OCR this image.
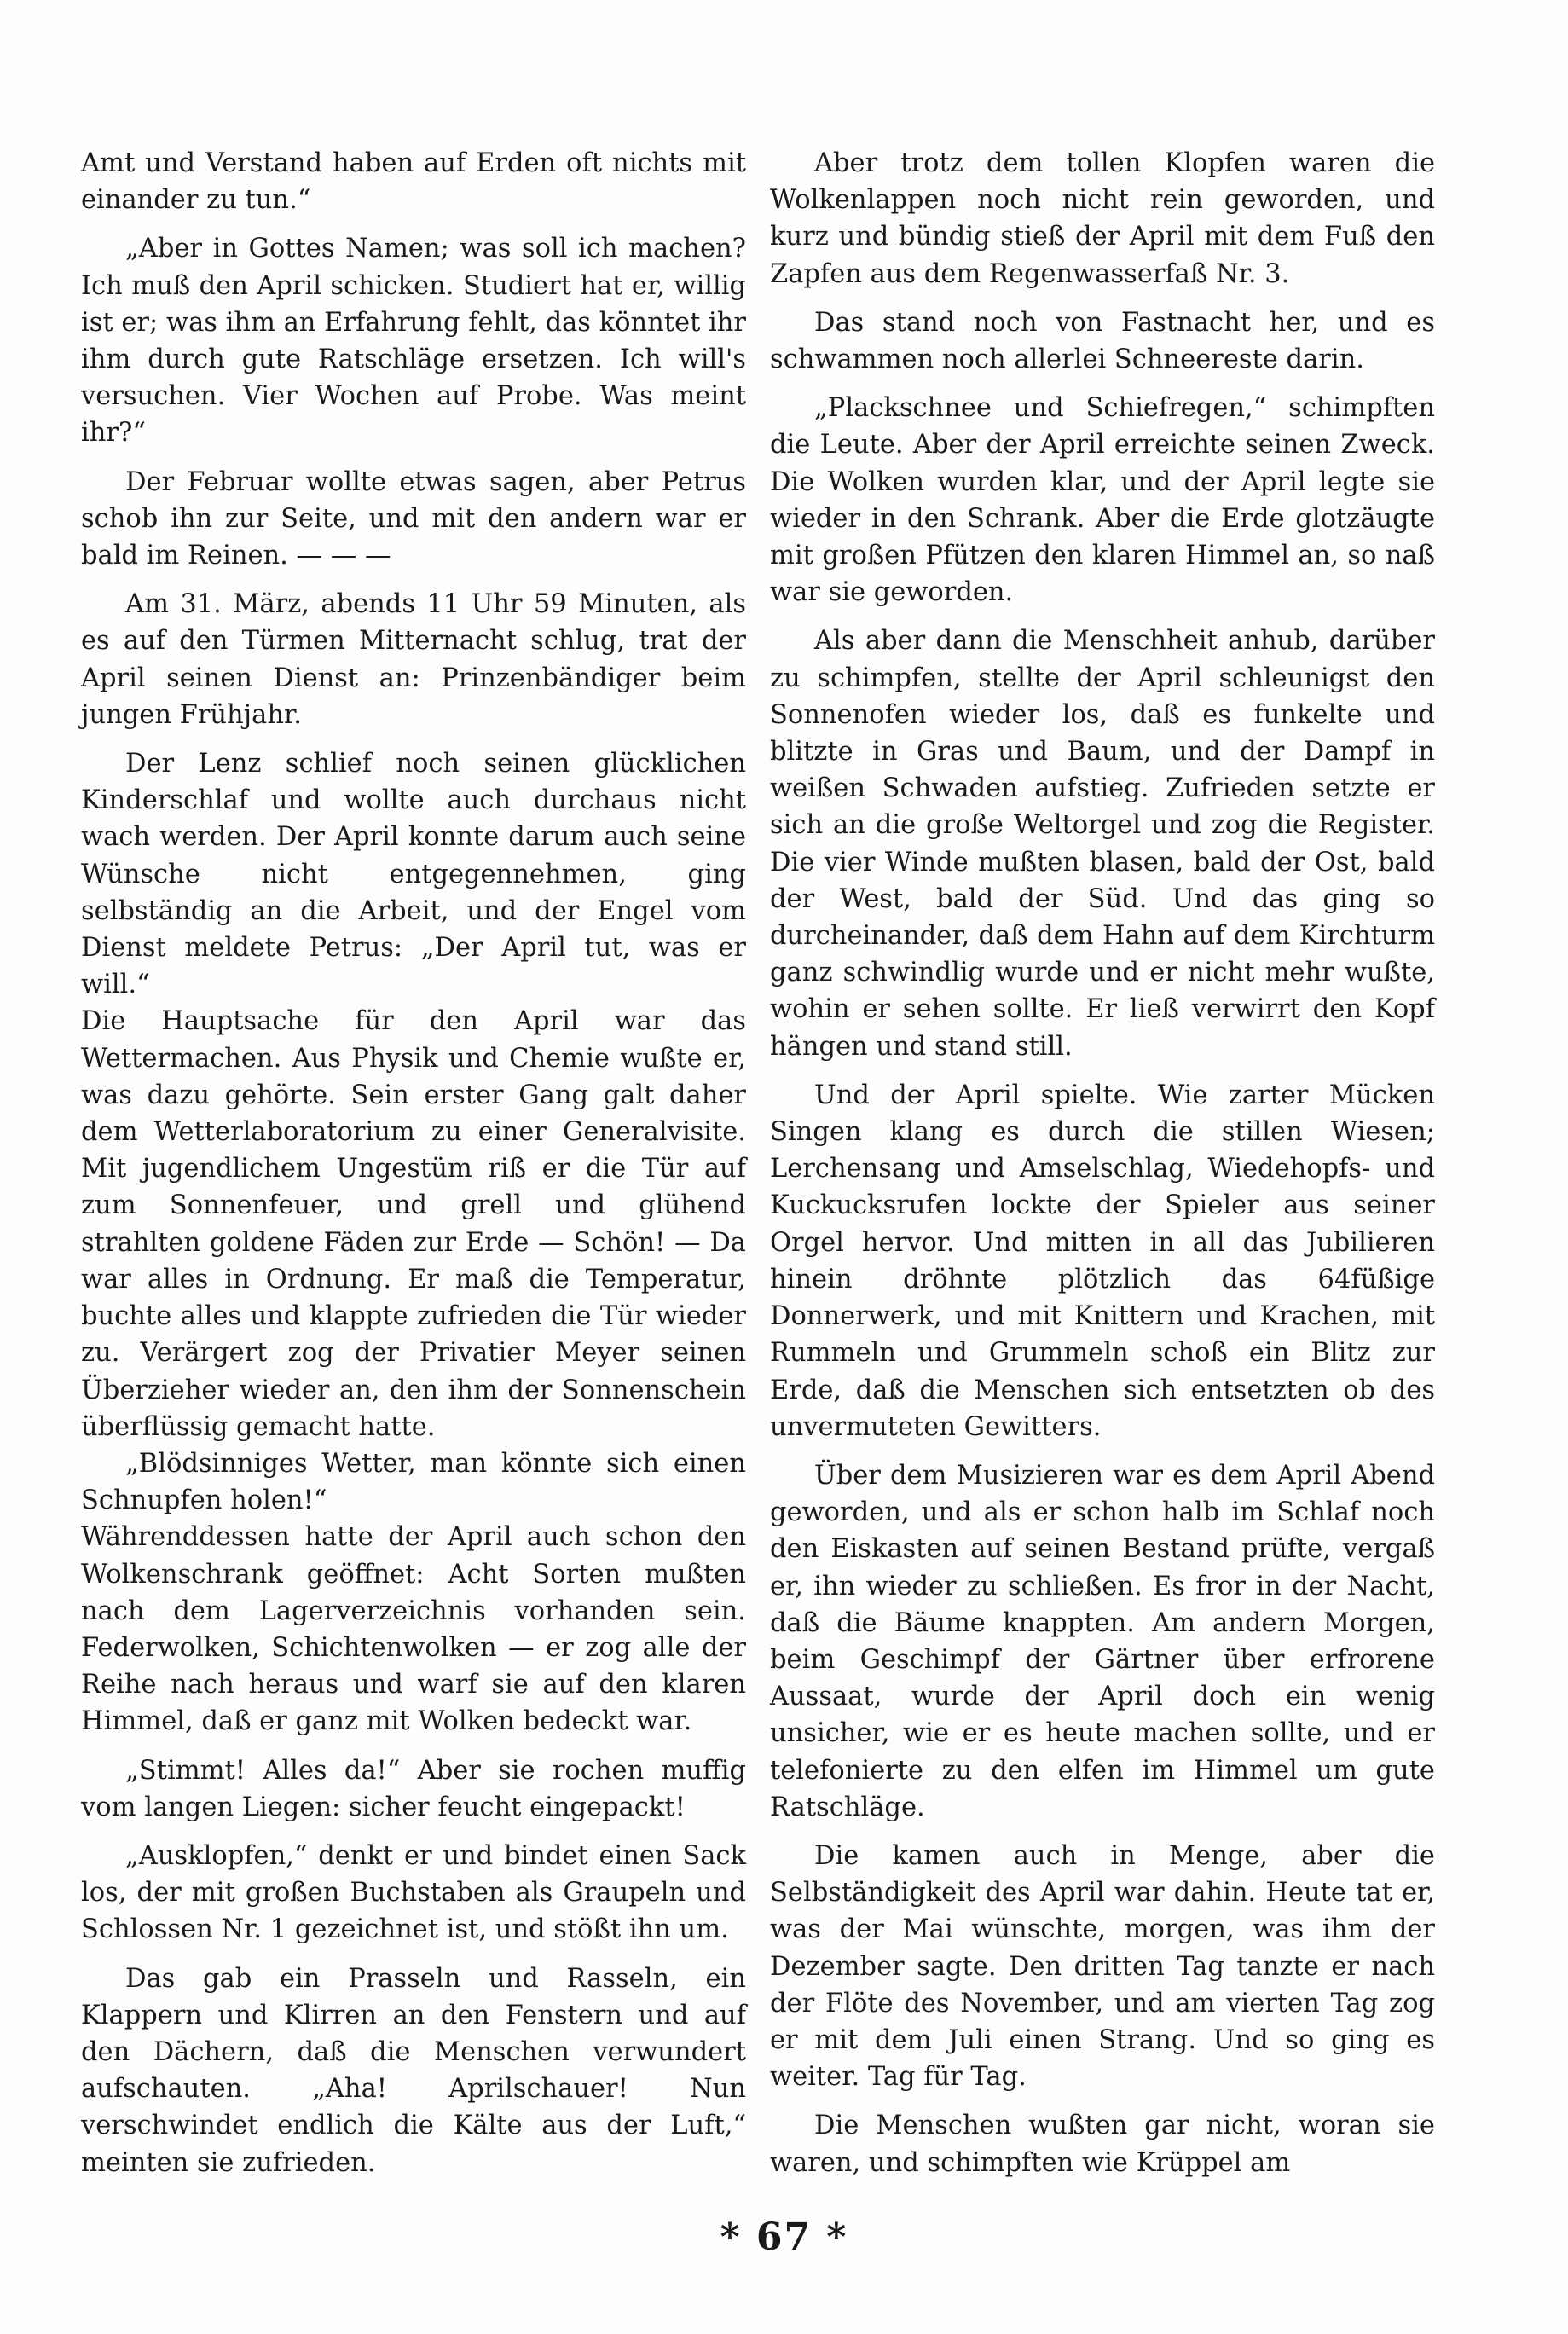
Amt und Verstand haben auf Erden oft nichts mit einander zu tun.“

„Aber in Gottes Namen; was soll ich machen? Ich muß den April schicken. Studiert hat er, willig ist er; was ihm an Erfahrung fehlt, das könntet ihr ihm durch gute Ratschläge ersetzen. Ich will's versuchen. Vier Wochen auf Probe. Was meint ihr?“

Der Februar wollte etwas sagen, aber Petrus schob ihn zur Seite, und mit den andern war er bald im Reinen. — — —

Am 31. März, abends 11 Uhr 59 Minuten, als es auf den Türmen Mitternacht schlug, trat der April seinen Dienst an: Prinzenbändiger beim jungen Frühjahr.

Der Lenz schlief noch seinen glücklichen Kinderschlaf und wollte auch durchaus nicht wach werden. Der April konnte darum auch seine Wünsche nicht entgegennehmen, ging selbständig an die Arbeit, und der Engel vom Dienst meldete Petrus: „Der April tut, was er will.“

Die Hauptsache für den April war das Wettermachen. Aus Physik und Chemie wußte er, was dazu gehörte. Sein erster Gang galt daher dem Wetterlaboratorium zu einer Generalvisite. Mit jugendlichem Ungestüm riß er die Tür auf zum Sonnenfeuer, und grell und glühend strahlten goldene Fäden zur Erde — Schön! — Da war alles in Ordnung. Er maß die Temperatur, buchte alles und klappte zufrieden die Tür wieder zu. Verärgert zog der Privatier Meyer seinen Überzieher wieder an, den ihm der Sonnenschein überflüssig gemacht hatte.

„Blödsinniges Wetter, man könnte sich einen Schnupfen holen!“

Währenddessen hatte der April auch schon den Wolkenschrank geöffnet: Acht Sorten mußten nach dem Lagerverzeichnis vorhanden sein. Federwolken, Schichtenwolken — er zog alle der Reihe nach heraus und warf sie auf den klaren Himmel, daß er ganz mit Wolken bedeckt war.

„Stimmt! Alles da!“ Aber sie rochen muffig vom langen Liegen: sicher feucht eingepackt!

„Ausklopfen,“ denkt er und bindet einen Sack los, der mit großen Buchstaben als Graupeln und Schlossen Nr. 1 gezeichnet ist, und stößt ihn um.

Das gab ein Prasseln und Rasseln, ein Klappern und Klirren an den Fenstern und auf den Dächern, daß die Menschen verwundert aufschauten. „Aha! Aprilschauer! Nun verschwindet endlich die Kälte aus der Luft,“ meinten sie zufrieden.

Aber trotz dem tollen Klopfen waren die Wolkenlappen noch nicht rein geworden, und kurz und bündig stieß der April mit dem Fuß den Zapfen aus dem Regenwasserfaß Nr. 3.

Das stand noch von Fastnacht her, und es schwammen noch allerlei Schneereste darin.

„Plackschnee und Schiefregen,“ schimpften die Leute. Aber der April erreichte seinen Zweck. Die Wolken wurden klar, und der April legte sie wieder in den Schrank. Aber die Erde glotzäugte mit großen Pfützen den klaren Himmel an, so naß war sie geworden.

Als aber dann die Menschheit anhub, darüber zu schimpfen, stellte der April schleunigst den Sonnenofen wieder los, daß es funkelte und blitzte in Gras und Baum, und der Dampf in weißen Schwaden aufstieg. Zufrieden setzte er sich an die große Weltorgel und zog die Register. Die vier Winde mußten blasen, bald der Ost, bald der West, bald der Süd. Und das ging so durcheinander, daß dem Hahn auf dem Kirchturm ganz schwindlig wurde und er nicht mehr wußte, wohin er sehen sollte. Er ließ verwirrt den Kopf hängen und stand still.

Und der April spielte. Wie zarter Mücken Singen klang es durch die stillen Wiesen; Lerchensang und Amselschlag, Wiedehopfs- und Kuckucksrufen lockte der Spieler aus seiner Orgel hervor. Und mitten in all das Jubilieren hinein dröhnte plötzlich das 64füßige Donnerwerk, und mit Knittern und Krachen, mit Rummeln und Grummeln schoß ein Blitz zur Erde, daß die Menschen sich entsetzten ob des unvermuteten Gewitters.

Über dem Musizieren war es dem April Abend geworden, und als er schon halb im Schlaf noch den Eiskasten auf seinen Bestand prüfte, vergaß er, ihn wieder zu schließen. Es fror in der Nacht, daß die Bäume knappten. Am andern Morgen, beim Geschimpf der Gärtner über erfrorene Aussaat, wurde der April doch ein wenig unsicher, wie er es heute machen sollte, und er telefonierte zu den elfen im Himmel um gute Ratschläge.

Die kamen auch in Menge, aber die Selbständigkeit des April war dahin. Heute tat er, was der Mai wünschte, morgen, was ihm der Dezember sagte. Den dritten Tag tanzte er nach der Flöte des November, und am vierten Tag zog er mit dem Juli einen Strang. Und so ging es weiter. Tag für Tag.

Die Menschen wußten gar nicht, woran sie waren, und schimpften wie Krüppel am

* 67 *
